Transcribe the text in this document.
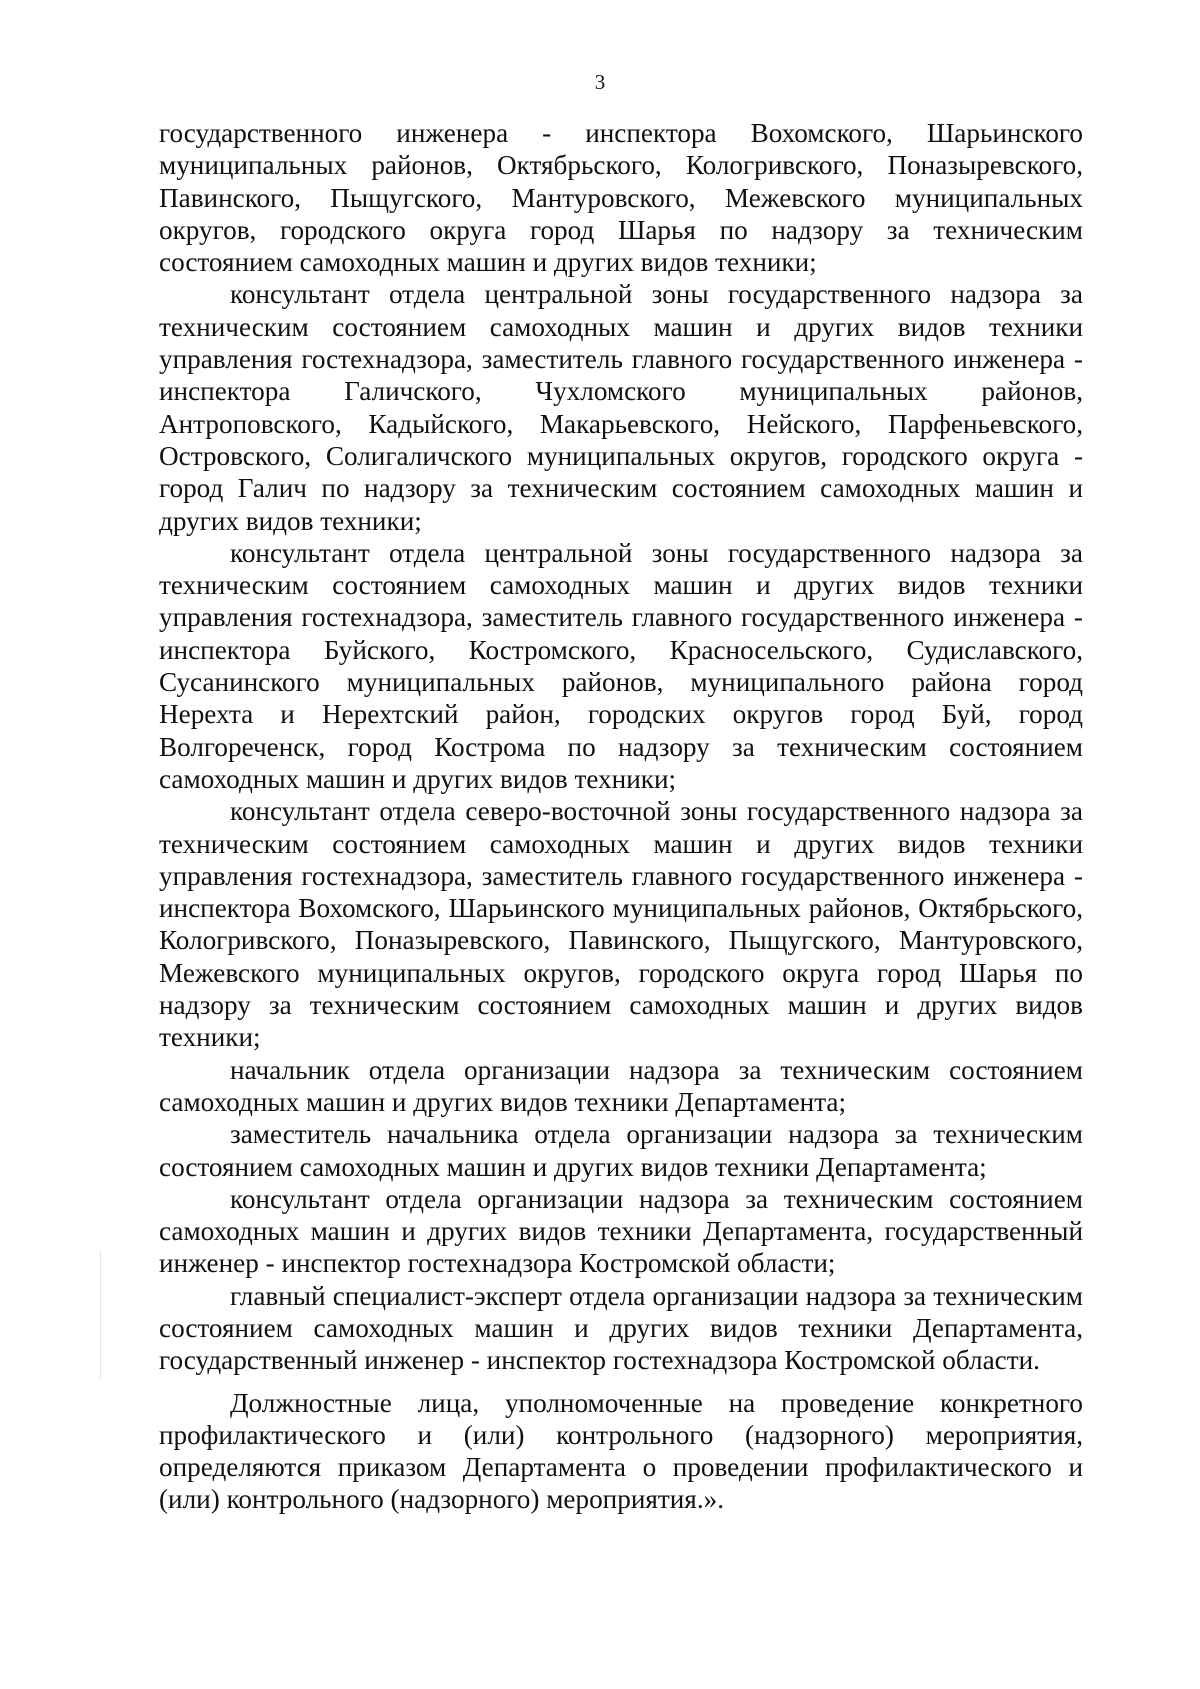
3

государственного инженера - инспектора Вохомского, Шарьинского муниципальных районов, Октябрьского, Кологривского, Поназыревского, Павинского, Пыщугского, Мантуровского, Межевского муниципальных округов, городского округа город Шарья по надзору за техническим состоянием самоходных машин и других видов техники;

консультант отдела центральной зоны государственного надзора за техническим состоянием самоходных машин и других видов техники управления гостехнадзора, заместитель главного государственного инженера - инспектора Галичского, Чухломского муниципальных районов, Антроповского, Кадыйского, Макарьевского, Нейского, Парфеньевского, Островского, Солигаличского муниципальных округов, городского округа - город Галич по надзору за техническим состоянием самоходных машин и других видов техники;

консультант отдела центральной зоны государственного надзора за техническим состоянием самоходных машин и других видов техники управления гостехнадзора, заместитель главного государственного инженера - инспектора Буйского, Костромского, Красносельского, Судиславского, Сусанинского муниципальных районов, муниципального района город Нерехта и Нерехтский район, городских округов город Буй, город Волгореченск, город Кострома по надзору за техническим состоянием самоходных машин и других видов техники;

консультант отдела северо-восточной зоны государственного надзора за техническим состоянием самоходных машин и других видов техники управления гостехнадзора, заместитель главного государственного инженера - инспектора Вохомского, Шарьинского муниципальных районов, Октябрьского, Кологривского, Поназыревского, Павинского, Пыщугского, Мантуровского, Межевского муниципальных округов, городского округа город Шарья по надзору за техническим состоянием самоходных машин и других видов техники;

начальник отдела организации надзора за техническим состоянием самоходных машин и других видов техники Департамента;

заместитель начальника отдела организации надзора за техническим состоянием самоходных машин и других видов техники Департамента;

консультант отдела организации надзора за техническим состоянием самоходных машин и других видов техники Департамента, государственный инженер - инспектор гостехнадзора Костромской области;

главный специалист-эксперт отдела организации надзора за техническим состоянием самоходных машин и других видов техники Департамента, государственный инженер - инспектор гостехнадзора Костромской области.

Должностные лица, уполномоченные на проведение конкретного профилактического и (или) контрольного (надзорного) мероприятия, определяются приказом Департамента о проведении профилактического и (или) контрольного (надзорного) мероприятия.».
